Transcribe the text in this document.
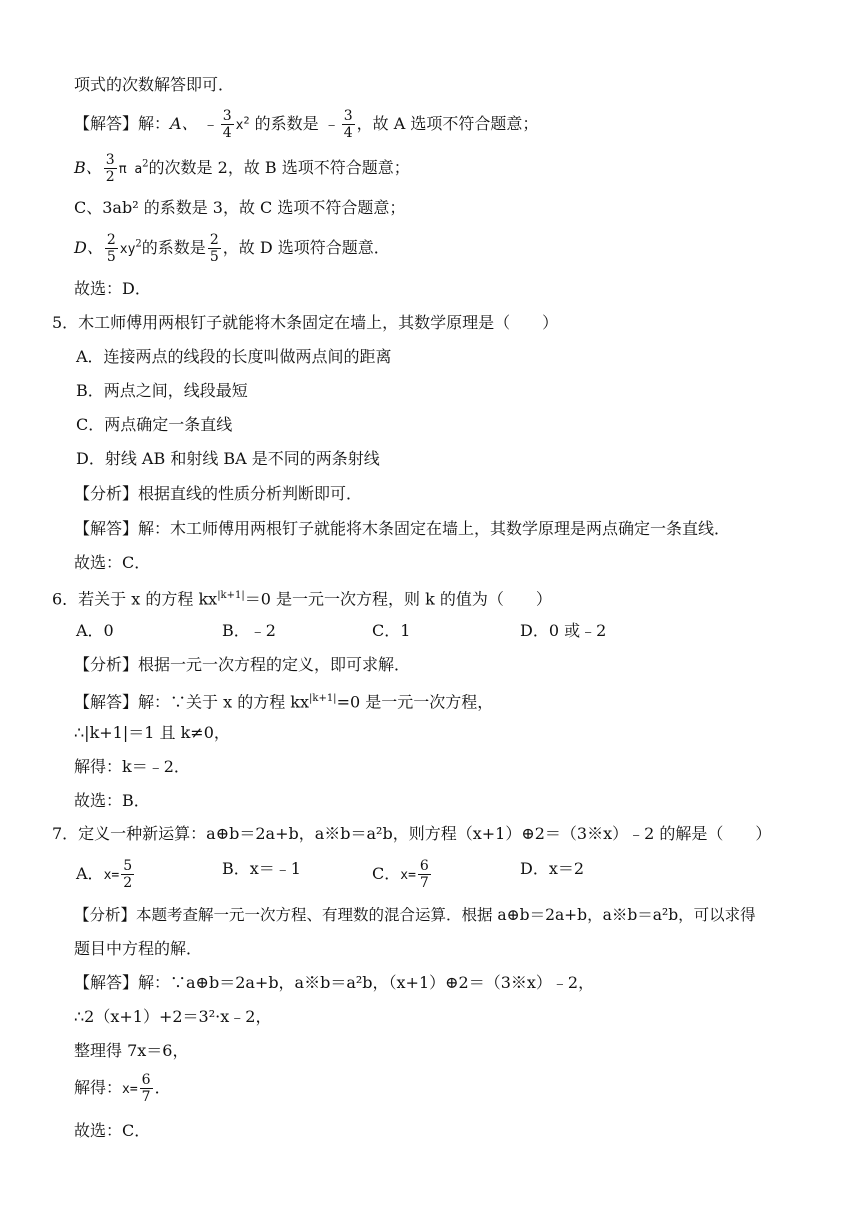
项式的次数解答即可．
【解答】解：A、 ﹣ $\frac{3}{4} x^2$ 的系数是 ﹣ $\frac{3}{4}$ ，故 A 选项不符合题意；
B、 $\frac{3}{2}$ π $a^2$的次数是 2，故 B 选项不符合题意；
C、3ab² 的系数是 3，故 C 选项不符合题意；
D、 $\frac{2}{5} xy^2$的系数是 $\frac{2}{5}$ ，故 D 选项符合题意．
故选：D．
5．木工师傅用两根钉子就能将木条固定在墙上，其数学原理是（　　）
A．连接两点的线段的长度叫做两点间的距离
B．两点之间，线段最短
C．两点确定一条直线
D．射线 AB 和射线 BA 是不同的两条射线
【分析】根据直线的性质分析判断即可．
【解答】解：木工师傅用两根钉子就能将木条固定在墙上，其数学原理是两点确定一条直线．
故选：C．
6．若关于 x 的方程 $kx^{|k+1|}=0$ 是一元一次方程，则 k 的值为（　　）
A．0	B．﹣2	C．1	D．0 或﹣2
【分析】根据一元一次方程的定义，即可求解．
【解答】解：∵关于 x 的方程 $kx^{|k+1|}=0$ 是一元一次方程，
∴|k+1|＝1 且 k≠0，
解得：k＝﹣2．
故选：B．
7．定义一种新运算：a⊕b＝2a+b，a※b＝a²b，则方程（x+1）⊕2＝（3※x）﹣2 的解是（　　）
A．$x= \frac{5}{2}$	B．x＝﹣1	C．$x= \frac{6}{7}$	D．x＝2
【分析】本题考查解一元一次方程、有理数的混合运算．根据 a⊕b＝2a+b，a※b＝a²b，可以求得
题目中方程的解．
【解答】解：∵a⊕b＝2a+b，a※b＝a²b，（x+1）⊕2＝（3※x）﹣2，
∴2（x+1）+2＝3²·x﹣2，
整理得 7x＝6，
解得：$x= \frac{6}{7}$ ．
故选：C．
